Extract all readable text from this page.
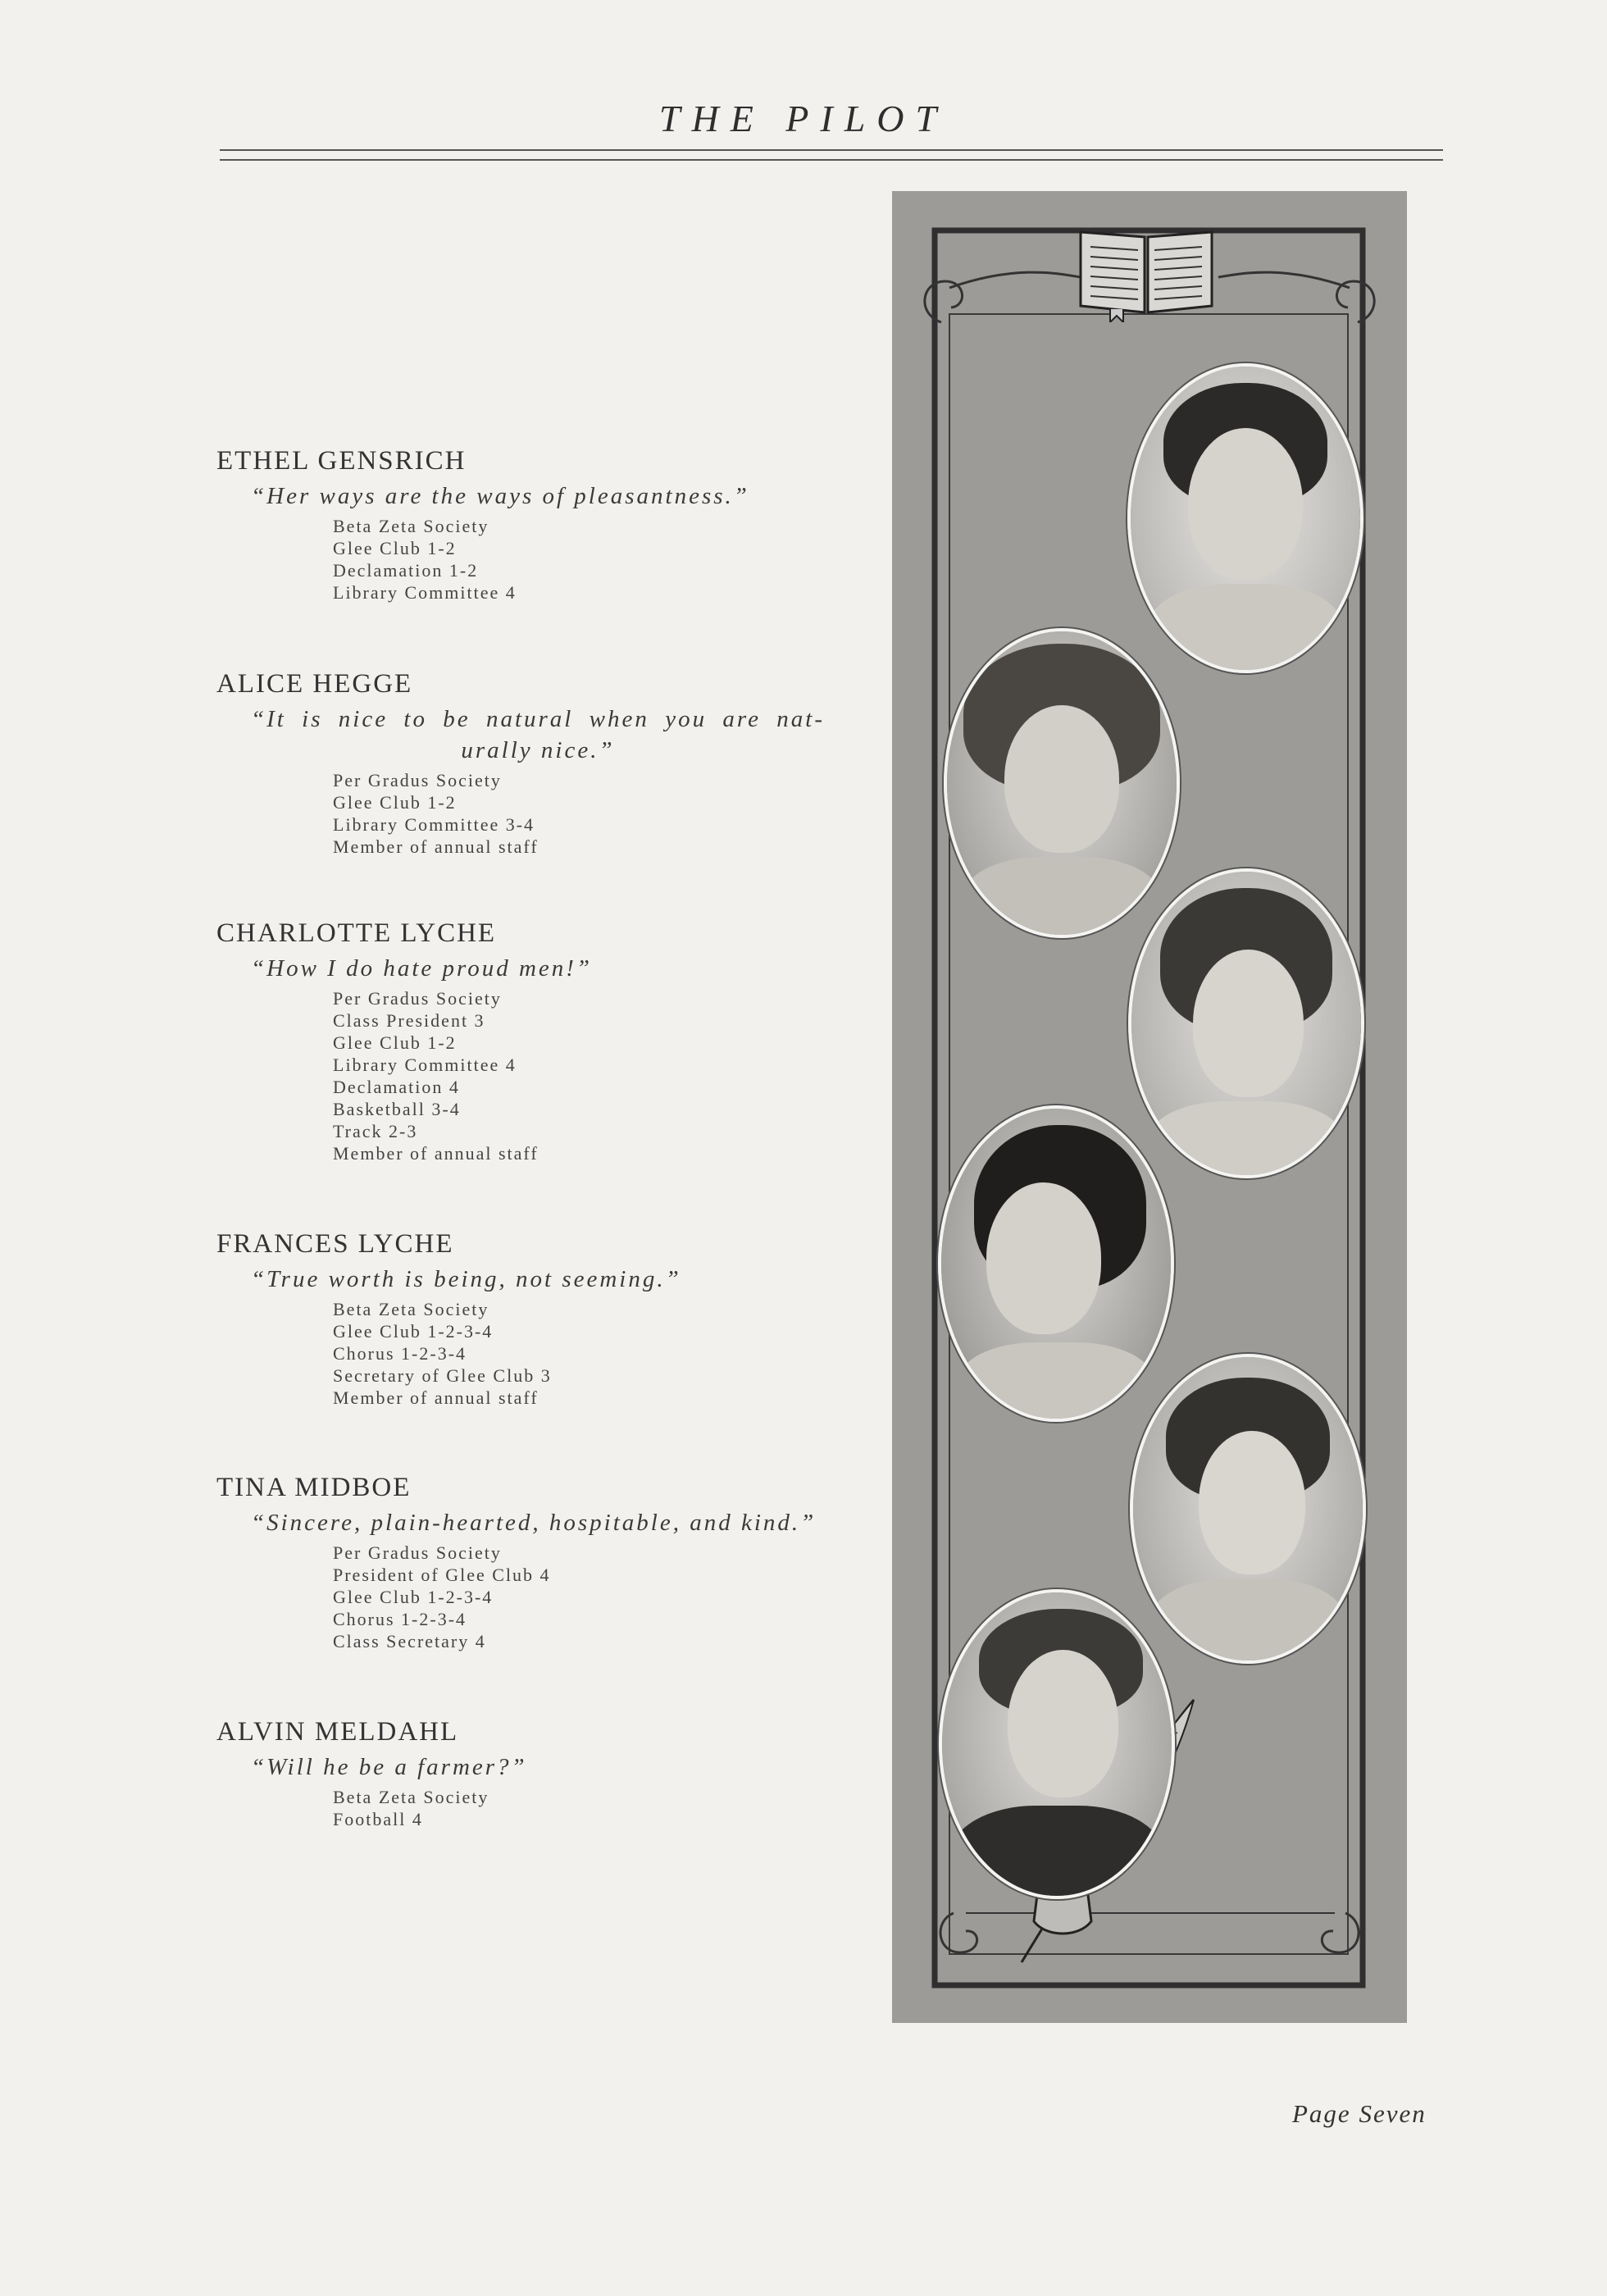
THE PILOT
ETHEL GENSRICH
“Her ways are the ways of pleasantness.”
Beta Zeta Society
Glee Club 1-2
Declamation 1-2
Library Committee 4
ALICE HEGGE
“It is nice to be natural when you are nat-urally nice.”
Per Gradus Society
Glee Club 1-2
Library Committee 3-4
Member of annual staff
CHARLOTTE LYCHE
“How I do hate proud men!”
Per Gradus Society
Class President 3
Glee Club 1-2
Library Committee 4
Declamation 4
Basketball 3-4
Track 2-3
Member of annual staff
FRANCES LYCHE
“True worth is being, not seeming.”
Beta Zeta Society
Glee Club 1-2-3-4
Chorus 1-2-3-4
Secretary of Glee Club 3
Member of annual staff
TINA MIDBOE
“Sincere, plain-hearted, hospitable, and kind.”
Per Gradus Society
President of Glee Club 4
Glee Club 1-2-3-4
Chorus 1-2-3-4
Class Secretary 4
ALVIN MELDAHL
“Will he be a farmer?”
Beta Zeta Society
Football 4
Page Seven
